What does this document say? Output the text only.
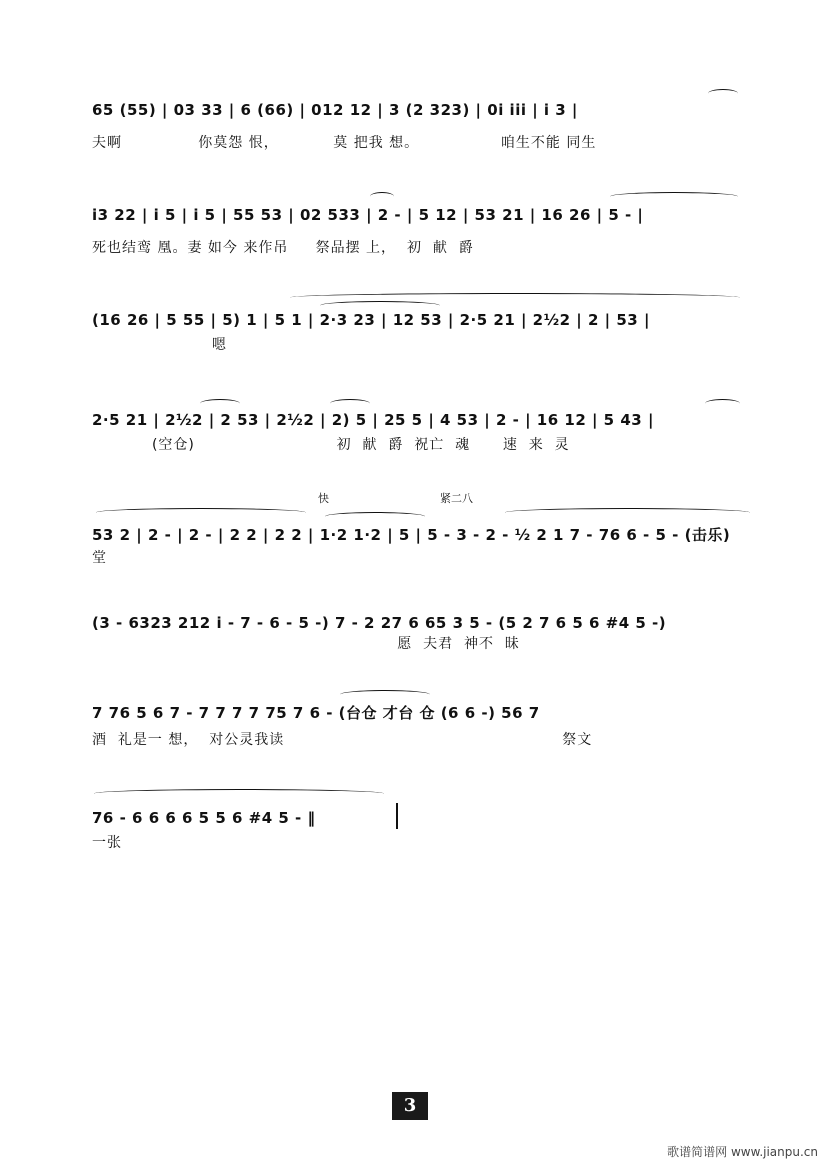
65 (55) | 03 33 | 6 (66) | 012 12 | 3 (2 323) | 0i iii | i 3 |
夫啊              你莫怨 恨，          莫 把我 想。               咱生不能 同生
i3 22 | i 5 | i 5 | 55 53 | 02 533 | 2 - | 5 12 | 53 21 | 16 26 | 5 - |
死也结鸾 凰。妻 如今 来作吊     祭品摆 上，  初  献  爵
(16 26 | 5 55 | 5) 1 | 5 1 | 2·3 23 | 12 53 | 2·5 21 | 2½2 | 2 | 53 |
嗯
2·5 21 | 2½2 | 2 53 | 2½2 | 2) 5 | 25 5 | 4 53 | 2 - | 16 12 | 5 43 |
(空仓)                          初  献  爵  祝亡  魂      速  来  灵
快	紧二八
53 2 | 2 - | 2 - | 2 2 | 2 2 | 1·2 1·2 | 5 | 5 - 3 - 2 - ½ 2 1 7 - 76 6 - 5 - (击乐)
堂
(3 - 6323 212 i - 7 - 6 - 5 -) 7 - 2 27 6 65 3 5 - (5 2 7 6 5 6 #4 5 -)
愿  夫君  神不  昧
7 76 5 6 7 - 7 7 7 7 75 7 6 - (台仓 才台 仓 (6 6 -) 56 7
酒  礼是一 想，  对公灵我读                                                   祭文
76 - 6 6 6 6 5 5 6 #4 5 - ‖
一张
3
歌谱简谱网 www.jianpu.cn
